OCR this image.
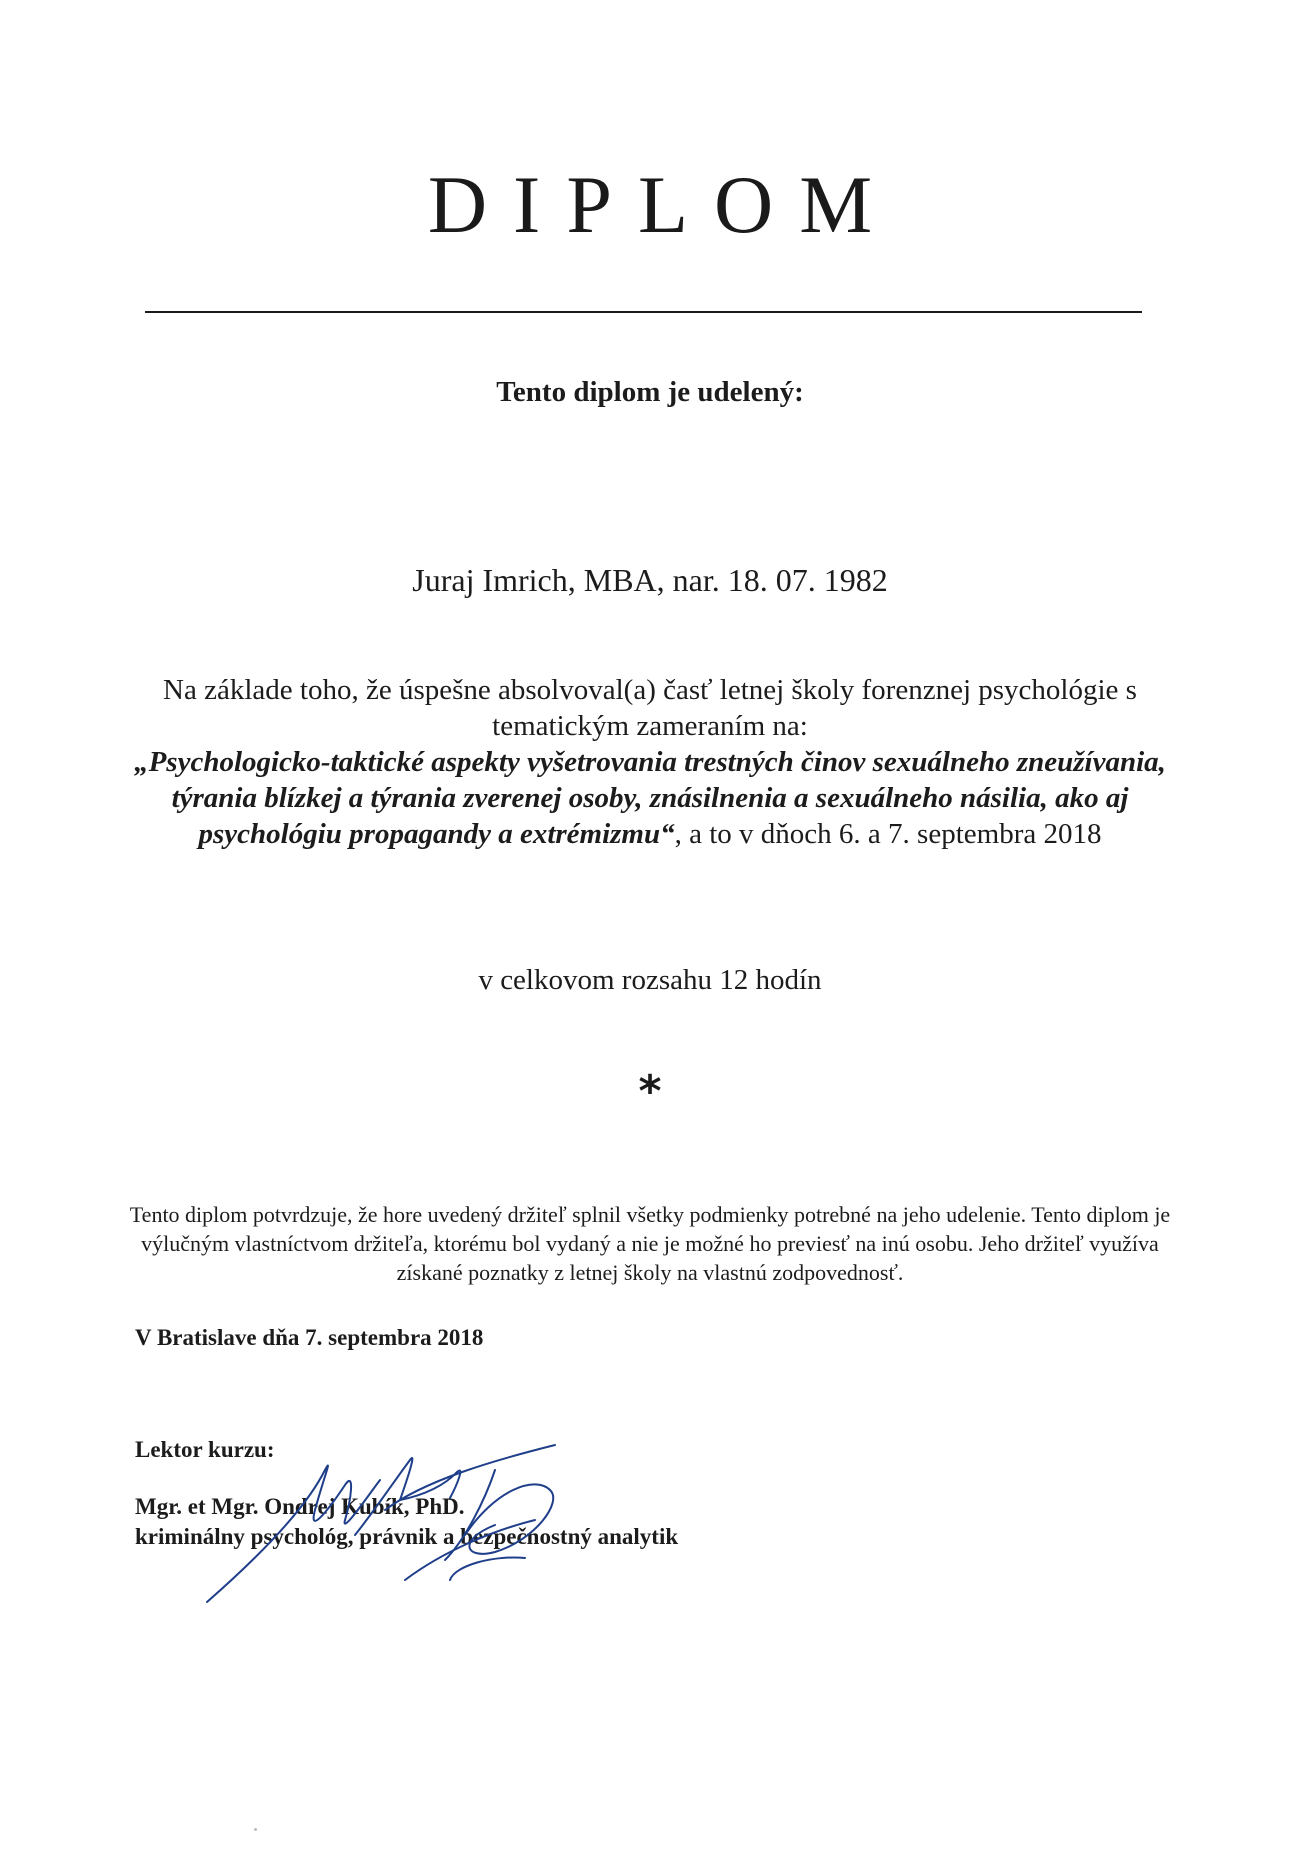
DIPLOM
Tento diplom je udelený:
Juraj Imrich, MBA, nar. 18. 07. 1982
Na základe toho, že úspešne absolvoval(a) časť letnej školy forenznej psychológie s tematickým zameraním na:
„Psychologicko-taktické aspekty vyšetrovania trestných činov sexuálneho zneužívania, týrania blízkej a týrania zverenej osoby, znásilnenia a sexuálneho násilia, ako aj psychológiu propagandy a extrémizmu“, a to v dňoch 6. a 7. septembra 2018
v celkovom rozsahu 12 hodín
*
Tento diplom potvrdzuje, že hore uvedený držiteľ splnil všetky podmienky potrebné na jeho udelenie. Tento diplom je výlučným vlastníctvom držiteľa, ktorému bol vydaný a nie je možné ho previesť na inú osobu. Jeho držiteľ využíva získané poznatky z letnej školy na vlastnú zodpovednosť.
V Bratislave dňa 7. septembra 2018
Lektor kurzu:
Mgr. et Mgr. Ondrej Kubík, PhD.
kriminálny psychológ, právnik a bezpečnostný analytik
